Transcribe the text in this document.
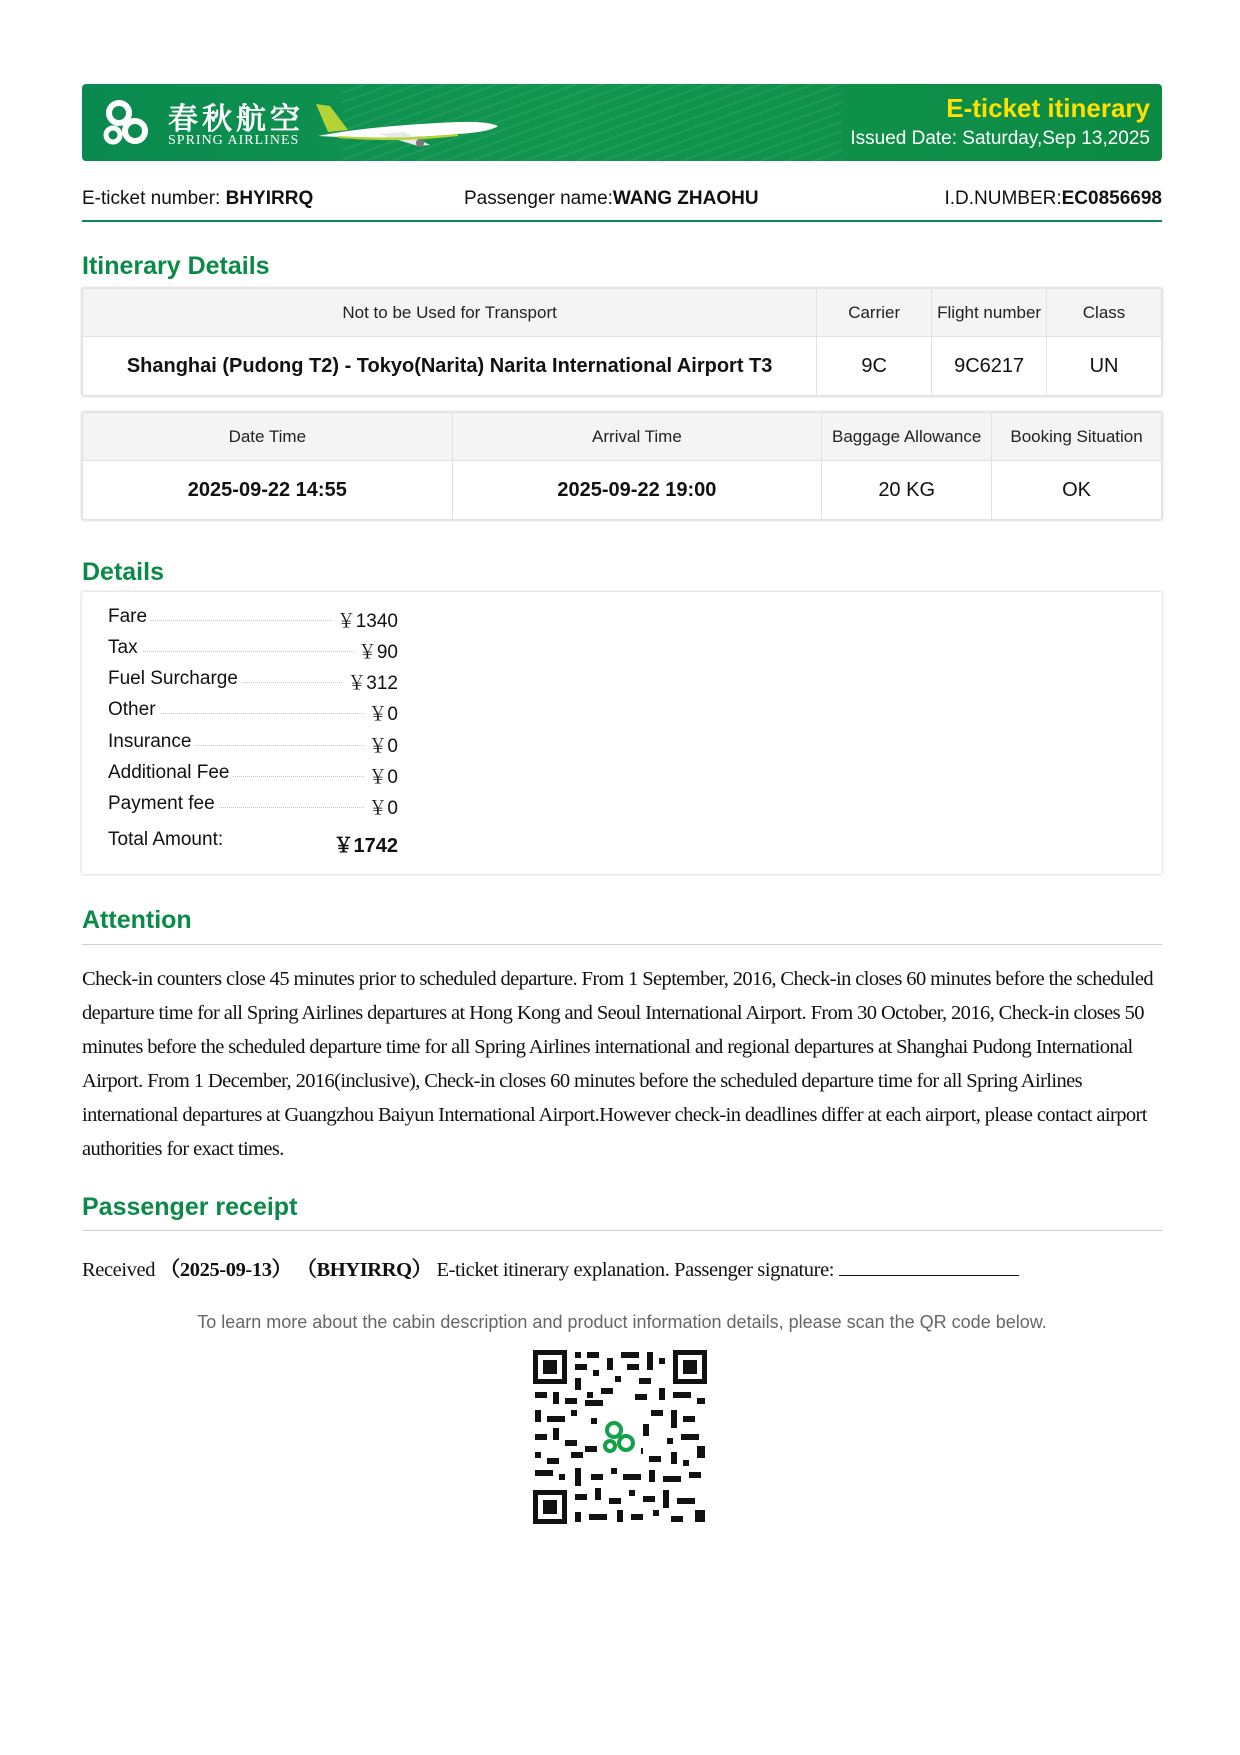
春秋航空
SPRING AIRLINES
E-ticket itinerary
Issued Date: Saturday,Sep 13,2025
E-ticket number: BHYIRRQ	Passenger name:WANG ZHAOHU	I.D.NUMBER:EC0856698
Itinerary Details
Not to be Used for Transport	Carrier	Flight number	Class
Shanghai (Pudong T2) - Tokyo(Narita) Narita International Airport T3	9C	9C6217	UN
Date Time	Arrival Time	Baggage Allowance	Booking Situation
2025-09-22 14:55	2025-09-22 19:00	20 KG	OK
Details
Fare	￥1340
Tax	￥90
Fuel Surcharge	￥312
Other	￥0
Insurance	￥0
Additional Fee	￥0
Payment fee	￥0
Total Amount:	￥1742
Attention
Check-in counters close 45 minutes prior to scheduled departure. From 1 September, 2016, Check-in closes 60 minutes before the scheduled departure time for all Spring Airlines departures at Hong Kong and Seoul International Airport. From 30 October, 2016, Check-in closes 50 minutes before the scheduled departure time for all Spring Airlines international and regional departures at Shanghai Pudong International Airport. From 1 December, 2016(inclusive), Check-in closes 60 minutes before the scheduled departure time for all Spring Airlines international departures at Guangzhou Baiyun International Airport.However check-in deadlines differ at each airport, please contact airport authorities for exact times.
Passenger receipt
Received （2025-09-13） （BHYIRRQ） E-ticket itinerary explanation. Passenger signature:
To learn more about the cabin description and product information details, please scan the QR code below.
